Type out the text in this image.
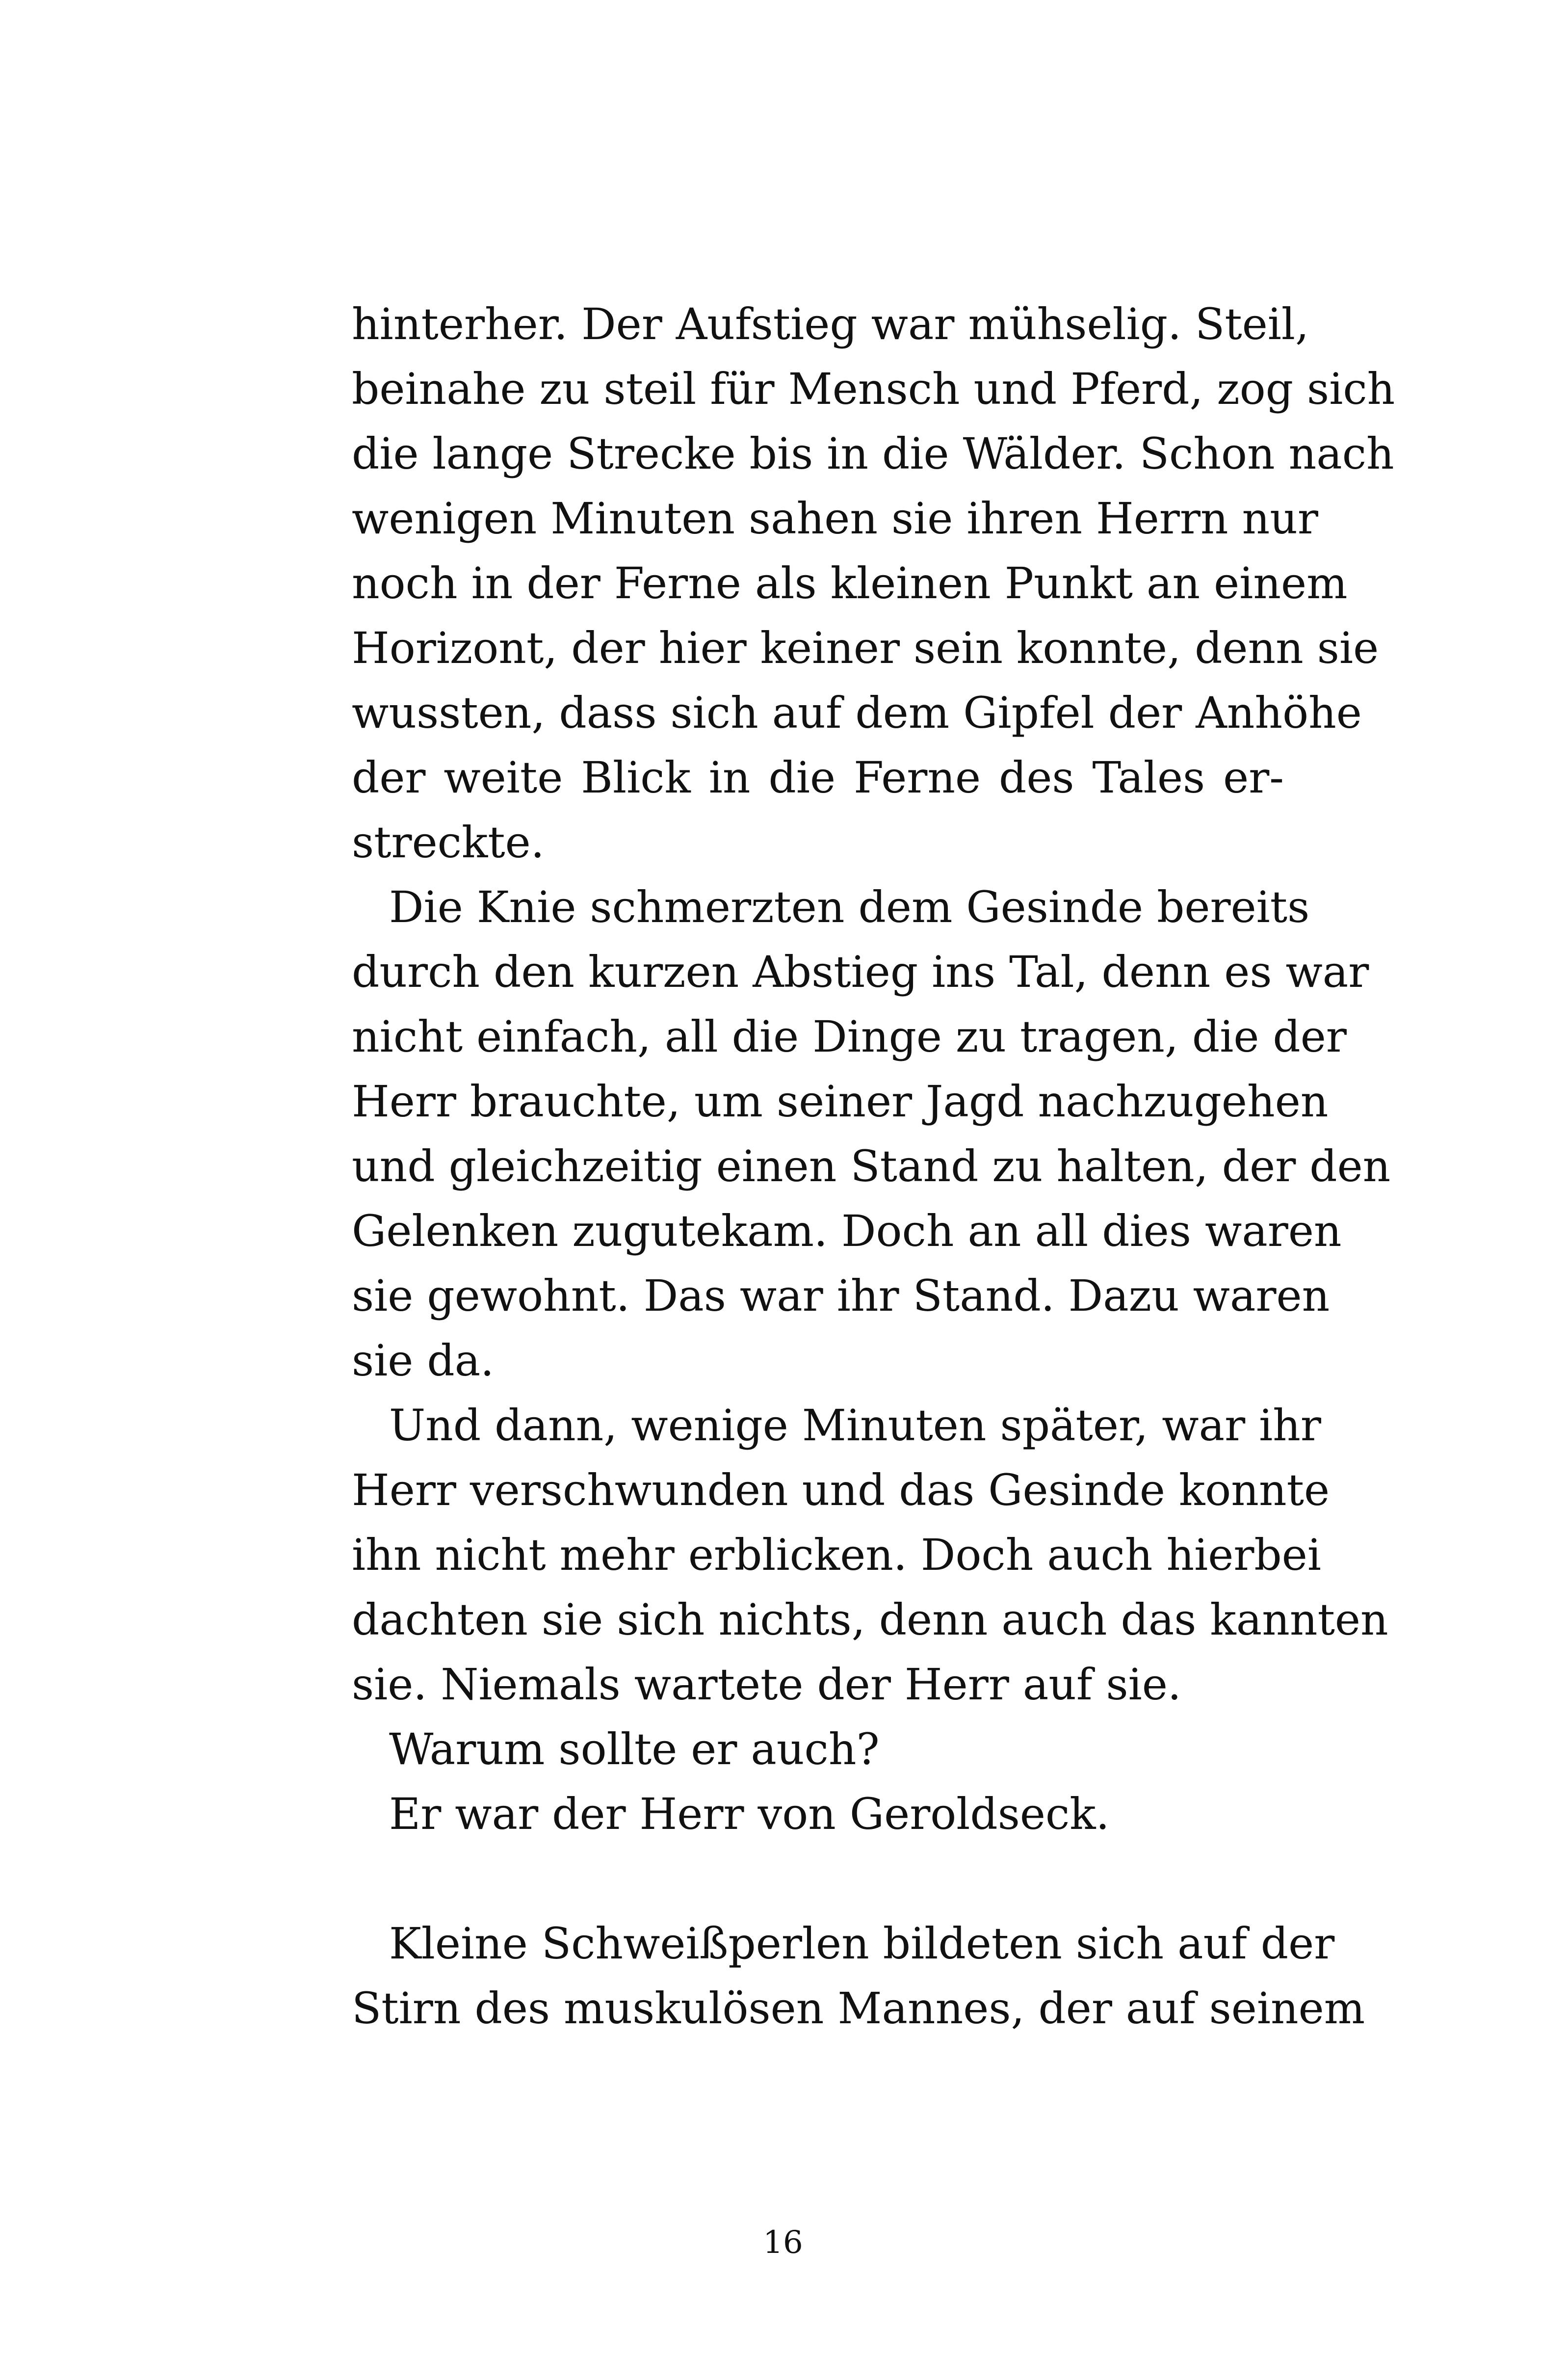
hinterher. Der Aufstieg war mühselig. Steil,
beinahe zu steil für Mensch und Pferd, zog sich
die lange Strecke bis in die Wälder. Schon nach
wenigen Minuten sahen sie ihren Herrn nur
noch in der Ferne als kleinen Punkt an einem
Horizont, der hier keiner sein konnte, denn sie
wussten, dass sich auf dem Gipfel der Anhöhe
der weite Blick in die Ferne des Tales er-
streckte.
Die Knie schmerzten dem Gesinde bereits
durch den kurzen Abstieg ins Tal, denn es war
nicht einfach, all die Dinge zu tragen, die der
Herr brauchte, um seiner Jagd nachzugehen
und gleichzeitig einen Stand zu halten, der den
Gelenken zugutekam. Doch an all dies waren
sie gewohnt. Das war ihr Stand. Dazu waren
sie da.
Und dann, wenige Minuten später, war ihr
Herr verschwunden und das Gesinde konnte
ihn nicht mehr erblicken. Doch auch hierbei
dachten sie sich nichts, denn auch das kannten
sie. Niemals wartete der Herr auf sie.
Warum sollte er auch?
Er war der Herr von Geroldseck.
Kleine Schweißperlen bildeten sich auf der
Stirn des muskulösen Mannes, der auf seinem
16
